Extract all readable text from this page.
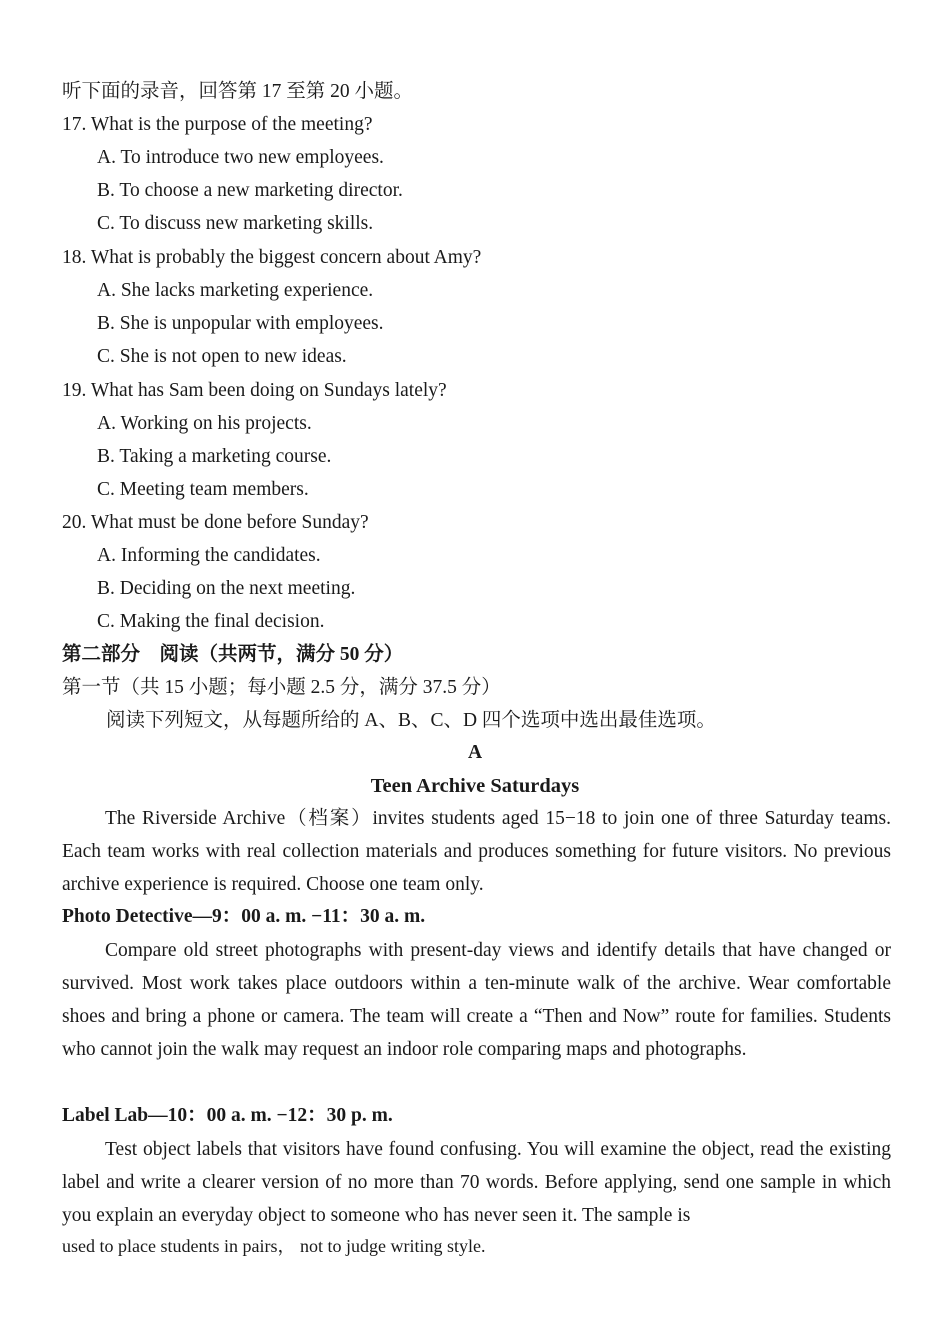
听下面的录音，回答第 17 至第 20 小题。
17. What is the purpose of the meeting?
A. To introduce two new employees.
B. To choose a new marketing director.
C. To discuss new marketing skills.
18. What is probably the biggest concern about Amy?
A. She lacks marketing experience.
B. She is unpopular with employees.
C. She is not open to new ideas.
19. What has Sam been doing on Sundays lately?
A. Working on his projects.
B. Taking a marketing course.
C. Meeting team members.
20. What must be done before Sunday?
A. Informing the candidates.
B. Deciding on the next meeting.
C. Making the final decision.
第二部分　阅读（共两节，满分 50 分）
第一节（共 15 小题；每小题 2.5 分，满分 37.5 分）
阅读下列短文，从每题所给的 A、B、C、D 四个选项中选出最佳选项。
A
Teen Archive Saturdays
The Riverside Archive（档案）invites students aged 15−18 to join one of three Saturday teams. Each team works with real collection materials and produces something for future visitors. No previous archive experience is required. Choose one team only.
Photo Detective—9：00 a. m. −11：30 a. m.
Compare old street photographs with present-day views and identify details that have changed or survived. Most work takes place outdoors within a ten-minute walk of the archive. Wear comfortable shoes and bring a phone or camera. The team will create a “Then and Now” route for families. Students who cannot join the walk may request an indoor role comparing maps and photographs.
Label Lab—10：00 a. m. −12：30 p. m.
Test object labels that visitors have found confusing. You will examine the object, read the existing label and write a clearer version of no more than 70 words. Before applying, send one sample in which you explain an everyday object to someone who has never seen it. The sample is
used to place students in pairs， not to judge writing style.
